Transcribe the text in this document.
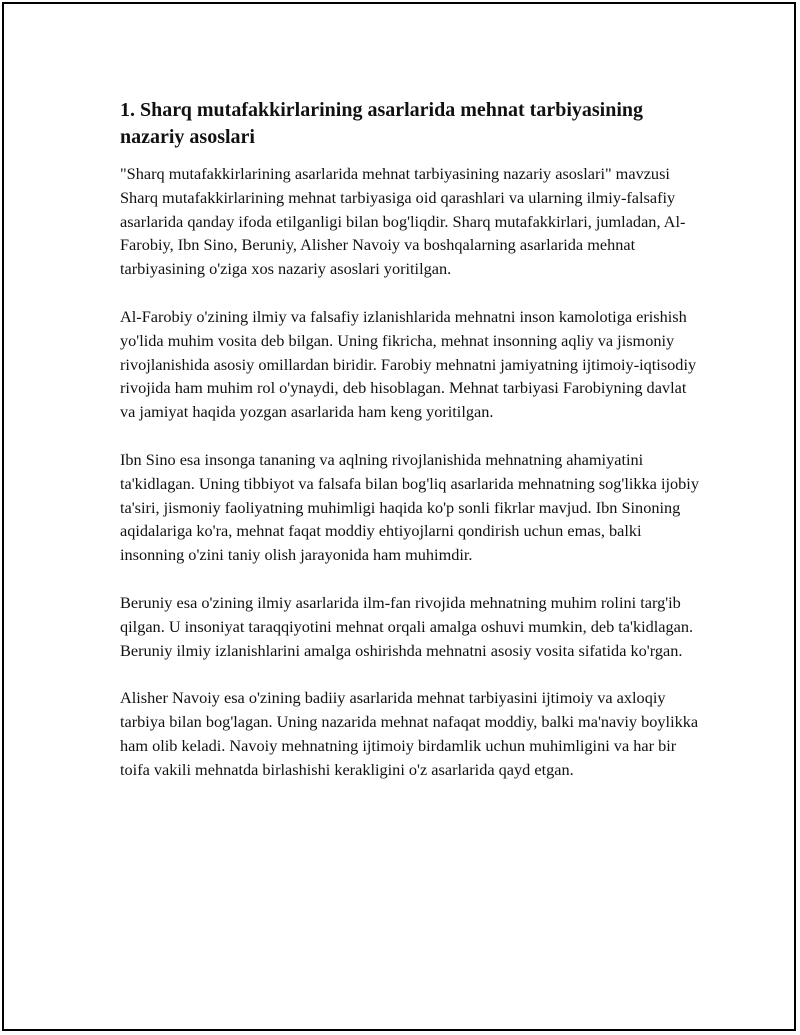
1. Sharq mutafakkirlarining asarlarida mehnat tarbiyasining nazariy asoslari

"Sharq mutafakkirlarining asarlarida mehnat tarbiyasining nazariy asoslari" mavzusi Sharq mutafakkirlarining mehnat tarbiyasiga oid qarashlari va ularning ilmiy-falsafiy asarlarida qanday ifoda etilganligi bilan bog'liqdir. Sharq mutafakkirlari, jumladan, Al-Farobiy, Ibn Sino, Beruniy, Alisher Navoiy va boshqalarning asarlarida mehnat tarbiyasining o'ziga xos nazariy asoslari yoritilgan.

Al-Farobiy o'zining ilmiy va falsafiy izlanishlarida mehnatni inson kamolotiga erishish yo'lida muhim vosita deb bilgan. Uning fikricha, mehnat insonning aqliy va jismoniy rivojlanishida asosiy omillardan biridir. Farobiy mehnatni jamiyatning ijtimoiy-iqtisodiy rivojida ham muhim rol o'ynaydi, deb hisoblagan. Mehnat tarbiyasi Farobiyning davlat va jamiyat haqida yozgan asarlarida ham keng yoritilgan.

Ibn Sino esa insonga tananing va aqlning rivojlanishida mehnatning ahamiyatini ta'kidlagan. Uning tibbiyot va falsafa bilan bog'liq asarlarida mehnatning sog'likka ijobiy ta'siri, jismoniy faoliyatning muhimligi haqida ko'p sonli fikrlar mavjud. Ibn Sinoning aqidalariga ko'ra, mehnat faqat moddiy ehtiyojlarni qondirish uchun emas, balki insonning o'zini taniy olish jarayonida ham muhimdir.

Beruniy esa o'zining ilmiy asarlarida ilm-fan rivojida mehnatning muhim rolini targ'ib qilgan. U insoniyat taraqqiyotini mehnat orqali amalga oshuvi mumkin, deb ta'kidlagan. Beruniy ilmiy izlanishlarini amalga oshirishda mehnatni asosiy vosita sifatida ko'rgan.

Alisher Navoiy esa o'zining badiiy asarlarida mehnat tarbiyasini ijtimoiy va axloqiy tarbiya bilan bog'lagan. Uning nazarida mehnat nafaqat moddiy, balki ma'naviy boylikka ham olib keladi. Navoiy mehnatning ijtimoiy birdamlik uchun muhimligini va har bir toifa vakili mehnatda birlashishi kerakligini o'z asarlarida qayd etgan.
